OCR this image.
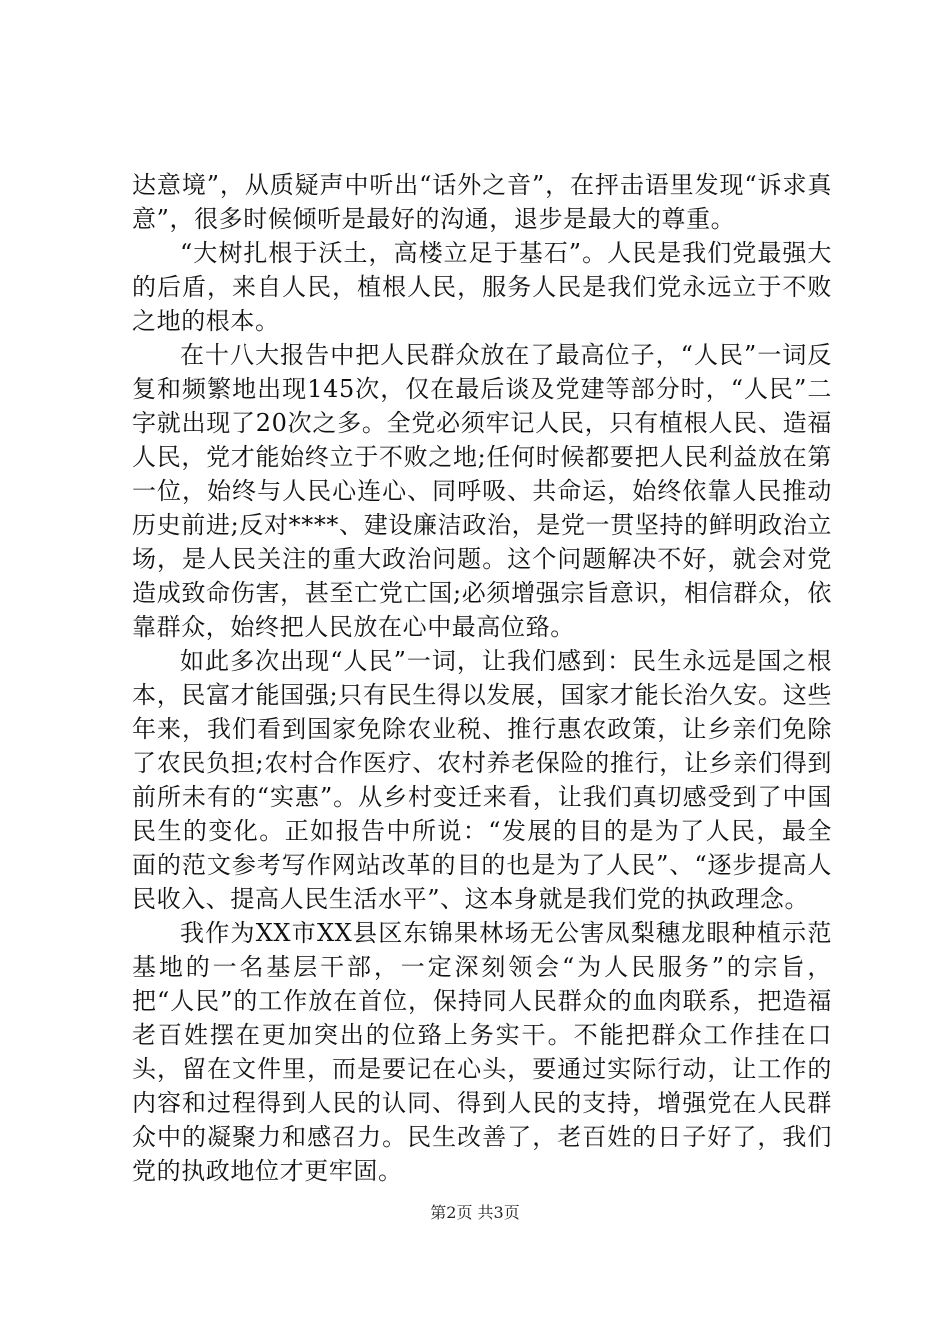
达意境”，从质疑声中听出“话外之音”，在抨击语里发现“诉求真意”，很多时候倾听是最好的沟通，退步是最大的尊重。

“大树扎根于沃土，高楼立足于基石”。人民是我们党最强大的后盾，来自人民，植根人民，服务人民是我们党永远立于不败之地的根本。

在十八大报告中把人民群众放在了最高位子，“人民”一词反复和频繁地出现145次，仅在最后谈及党建等部分时，“人民”二字就出现了20次之多。全党必须牢记人民，只有植根人民、造福人民，党才能始终立于不败之地;任何时候都要把人民利益放在第一位，始终与人民心连心、同呼吸、共命运，始终依靠人民推动历史前进;反对****、建设廉洁政治，是党一贯坚持的鲜明政治立场，是人民关注的重大政治问题。这个问题解决不好，就会对党造成致命伤害，甚至亡党亡国;必须增强宗旨意识，相信群众，依靠群众，始终把人民放在心中最高位臵。

如此多次出现“人民”一词，让我们感到：民生永远是国之根本，民富才能国强;只有民生得以发展，国家才能长治久安。这些年来，我们看到国家免除农业税、推行惠农政策，让乡亲们免除了农民负担;农村合作医疗、农村养老保险的推行，让乡亲们得到前所未有的“实惠”。从乡村变迁来看，让我们真切感受到了中国民生的变化。正如报告中所说：“发展的目的是为了人民，最全面的范文参考写作网站改革的目的也是为了人民”、“逐步提高人民收入、提高人民生活水平”、这本身就是我们党的执政理念。

我作为XX市XX县区东锦果林场无公害凤梨穗龙眼种植示范基地的一名基层干部，一定深刻领会“为人民服务”的宗旨，把“人民”的工作放在首位，保持同人民群众的血肉联系，把造福老百姓摆在更加突出的位臵上务实干。不能把群众工作挂在口头，留在文件里，而是要记在心头，要通过实际行动，让工作的内容和过程得到人民的认同、得到人民的支持，增强党在人民群众中的凝聚力和感召力。民生改善了，老百姓的日子好了，我们党的执政地位才更牢固。

第2页 共3页
